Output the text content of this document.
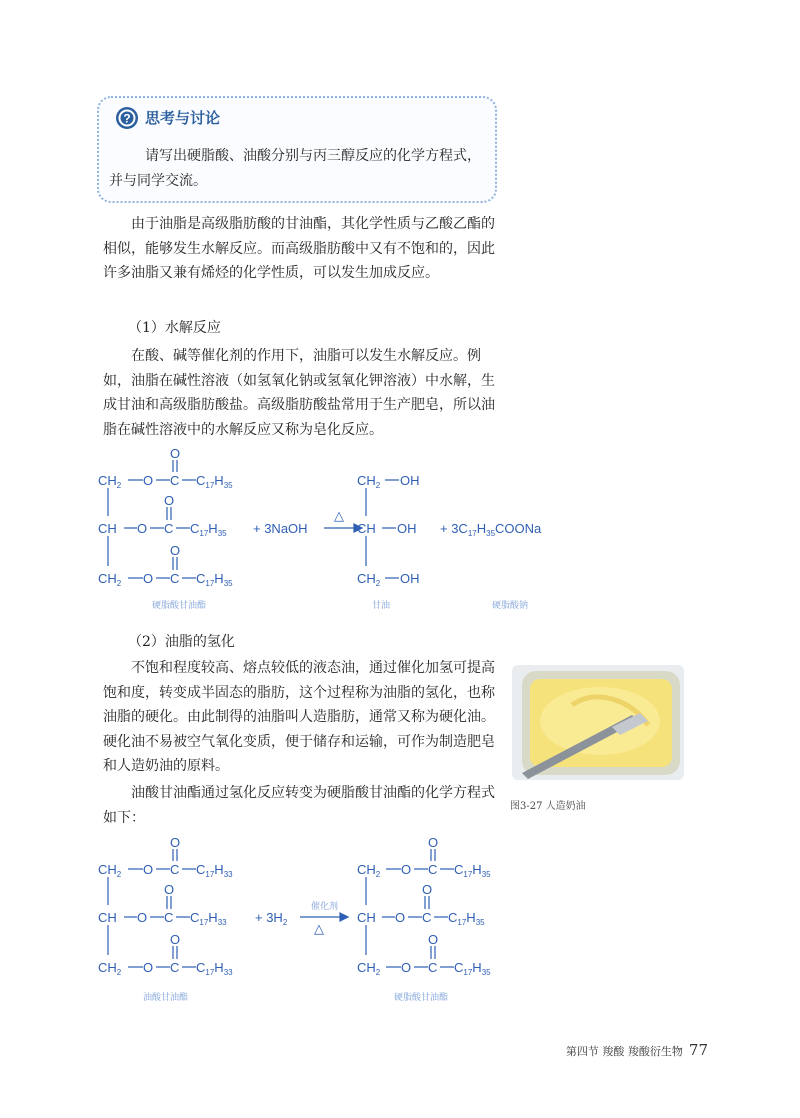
? 思考与讨论
请写出硬脂酸、油酸分别与丙三醇反应的化学方程式，并与同学交流。
由于油脂是高级脂肪酸的甘油酯，其化学性质与乙酸乙酯的相似，能够发生水解反应。而高级脂肪酸中又有不饱和的，因此许多油脂又兼有烯烃的化学性质，可以发生加成反应。
（1）水解反应
在酸、碱等催化剂的作用下，油脂可以发生水解反应。例如，油脂在碱性溶液（如氢氧化钠或氢氧化钾溶液）中水解，生成甘油和高级脂肪酸盐。高级脂肪酸盐常用于生产肥皂，所以油脂在碱性溶液中的水解反应又称为皂化反应。
$CH_2$ O C
O
$C_{17}H_{35}$
CH O C
O
$C_{17}H_{35}$
$CH_2$ O C
O
$C_{17}H_{35}$
+ 3NaOH
△
$CH_2$ OH
CH OH
$CH_2$ OH
+ $3C_{17}H_{35}COONa$
硬脂酸甘油酯	甘油	硬脂酸钠
（2）油脂的氢化
不饱和程度较高、熔点较低的液态油，通过催化加氢可提高饱和度，转变成半固态的脂肪，这个过程称为油脂的氢化，也称油脂的硬化。由此制得的油脂叫人造脂肪，通常又称为硬化油。硬化油不易被空气氧化变质，便于储存和运输，可作为制造肥皂和人造奶油的原料。
油酸甘油酯通过氢化反应转变为硬脂酸甘油酯的化学方程式如下：
图3-27 人造奶油
$CH_2$ O C
O
$C_{17}H_{33}$
CH O C
O
$C_{17}H_{33}$
$CH_2$ O C
O
$C_{17}H_{33}$
+ $3H_2$
催化剂
△
$CH_2$ O C
O
$C_{17}H_{35}$
CH O C
O
$C_{17}H_{35}$
$CH_2$ O C
O
$C_{17}H_{35}$
油酸甘油酯	硬脂酸甘油酯
第四节 羧酸 羧酸衍生物 77
